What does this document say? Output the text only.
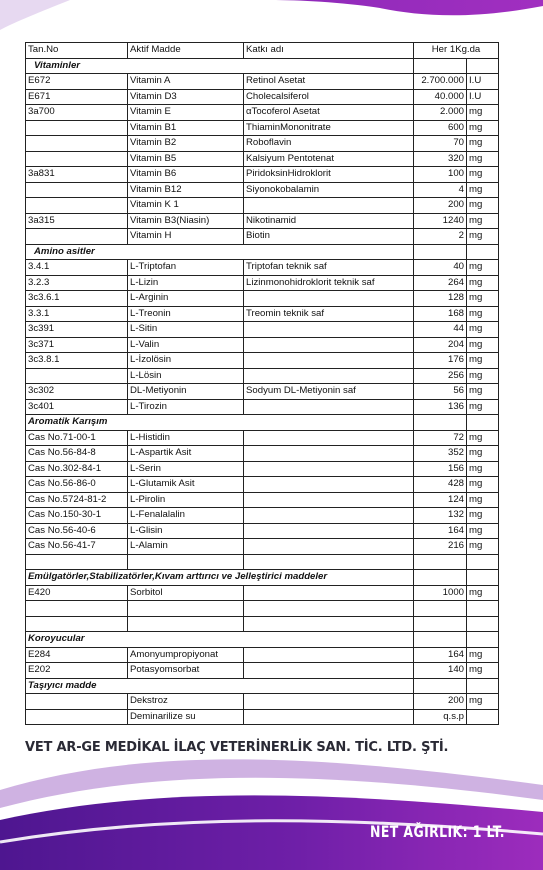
Tan.No	Aktif Madde	Katkı adı	Her 1Kg.da	
Vitaminler				
E672	Vitamin A	Retinol Asetat	2.700.000	I.U
E671	Vitamin D3	Cholecalsiferol	40.000	I.U
3a700	Vitamin E	αTocoferol Asetat	2.000	mg
	Vitamin B1	ThiaminMononitrate	600	mg
	Vitamin B2	Roboflavin	70	mg
	Vitamin B5	Kalsiyum Pentotenat	320	mg
3a831	Vitamin B6	PiridoksinHidroklorit	100	mg
	Vitamin B12	Siyonokobalamin	4	mg
	Vitamin K 1		200	mg
3a315	Vitamin B3(Niasin)	Nikotinamid	1240	mg
	Vitamin H	Biotin	2	mg
Amino asitler				
3.4.1	L-Triptofan	Triptofan teknik saf	40	mg
3.2.3	L-Lizin	Lizinmonohidroklorit teknik saf	264	mg
3c3.6.1	L-Arginin		128	mg
3.3.1	L-Treonin	Treomin teknik saf	168	mg
3c391	L-Sitin		44	mg
3c371	L-Valin		204	mg
3c3.8.1	L-İzolösin		176	mg
	L-Lösin		256	mg
3c302	DL-Metiyonin	Sodyum DL-Metiyonin saf	56	mg
3c401	L-Tirozin		136	mg
Aromatik Karışım				
Cas No.71-00-1	L-Histidin		72	mg
Cas No.56-84-8	L-Aspartik Asit		352	mg
Cas No.302-84-1	L-Serin		156	mg
Cas No.56-86-0	L-Glutamik Asit		428	mg
Cas No.5724-81-2	L-Pirolin		124	mg
Cas No.150-30-1	L-Fenalalalin		132	mg
Cas No.56-40-6	L-Glisin		164	mg
Cas No.56-41-7	L-Alamin		216	mg

Emülgatörler,Stabilizatörler,Kıvam arttırıcı ve Jelleştirici maddeler				
E420	Sorbitol		1000	mg

Koroyucular				
E284	Amonyumpropiyonat		164	mg
E202	Potasyomsorbat		140	mg
Taşıyıcı madde				
	Dekstroz		200	mg
	Deminarilize su		q.s.p	
VET AR-GE MEDİKAL İLAÇ VETERİNERLİK SAN. TİC. LTD. ŞTİ.
NET AĞIRLIK: 1 LT.
